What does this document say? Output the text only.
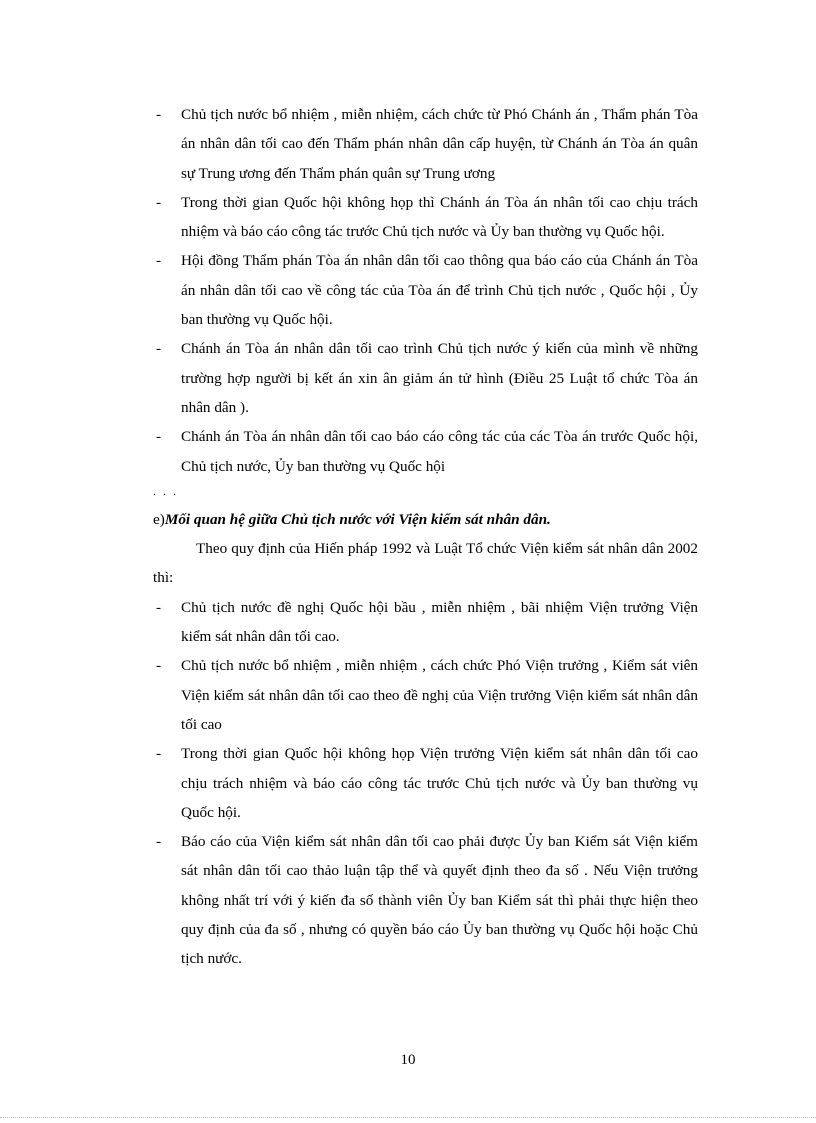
- Chủ tịch nước bổ nhiệm , miễn nhiệm, cách chức từ Phó Chánh án , Thẩm phán Tòa án nhân dân tối cao đến Thẩm phán nhân dân cấp huyện, từ Chánh án Tòa án quân sự Trung ương đến Thẩm phán quân sự Trung ương
- Trong thời gian Quốc hội không họp thì Chánh án Tòa án nhân tối cao chịu trách nhiệm và báo cáo công tác trước Chủ tịch nước và Ủy ban thường vụ Quốc hội.
- Hội đồng Thẩm phán Tòa án nhân dân tối cao thông qua báo cáo của Chánh án Tòa án nhân dân tối cao về công tác của Tòa án để trình Chủ tịch nước , Quốc hội , Ủy ban thường vụ Quốc hội.
- Chánh án Tòa án nhân dân tối cao trình Chủ tịch nước ý kiến của mình về những trường hợp người bị kết án xin ân giảm án tử hình (Điều 25 Luật tổ chức Tòa án nhân dân ).
- Chánh án Tòa án nhân dân tối cao báo cáo công tác của các Tòa án trước Quốc hội, Chủ tịch nước, Ủy ban thường vụ Quốc hội
. . .
e)Mối quan hệ giữa Chủ tịch nước với Viện kiểm sát nhân dân.
Theo quy định của Hiến pháp 1992 và Luật Tổ chức Viện kiểm sát nhân dân 2002 thì:
- Chủ tịch nước đề nghị Quốc hội bầu , miễn nhiệm , bãi nhiệm Viện trưởng Viện kiểm sát nhân dân tối cao.
- Chủ tịch nước bổ nhiệm , miễn nhiệm , cách chức Phó Viện trưởng , Kiểm sát viên Viện kiểm sát nhân dân tối cao theo đề nghị của Viện trưởng Viện kiểm sát nhân dân tối cao
- Trong thời gian Quốc hội không họp Viện trưởng Viện kiểm sát nhân dân tối cao chịu trách nhiệm và báo cáo công tác trước Chủ tịch nước và Ủy ban thường vụ Quốc hội.
- Báo cáo của Viện kiểm sát nhân dân tối cao phải được Ủy ban Kiểm sát Viện kiểm sát nhân dân tối cao thảo luận tập thể và quyết định theo đa số . Nếu Viện trưởng không nhất trí với ý kiến đa số thành viên Ủy ban Kiểm sát thì phải thực hiện theo quy định của đa số , nhưng có quyền báo cáo Ủy ban thường vụ Quốc hội hoặc Chủ tịch nước.
10
